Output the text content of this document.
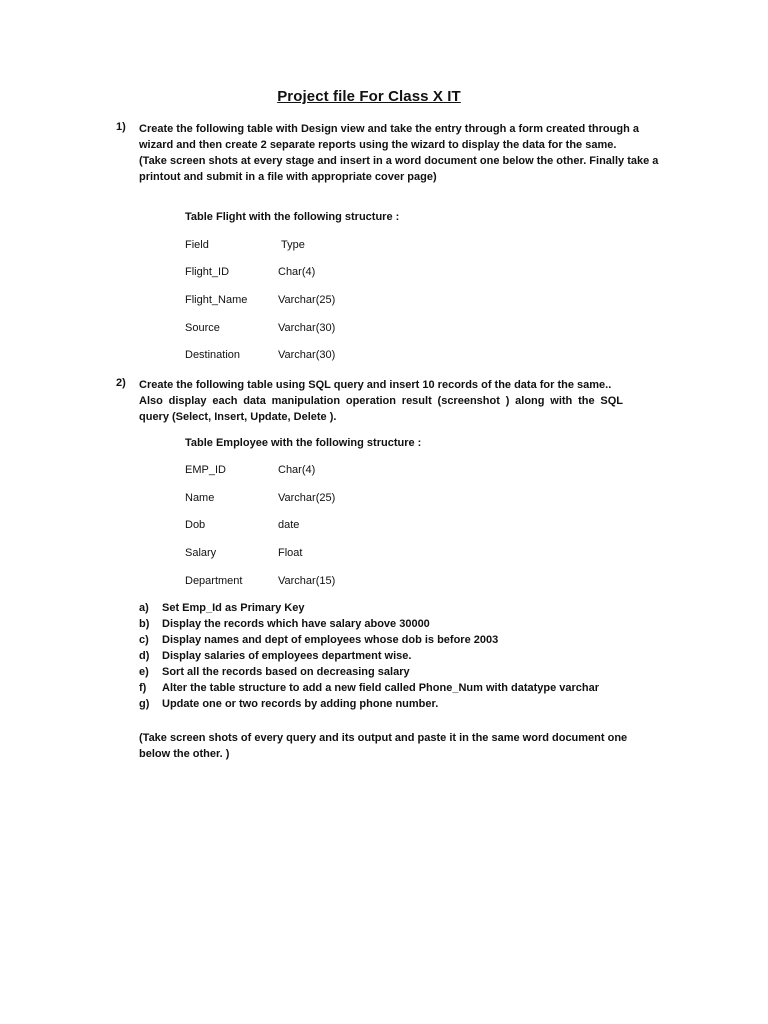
Project file For Class X IT
1) Create the following table with Design view and take the entry through a form created through a
wizard and then create 2 separate reports using the wizard to display the data for the same.
(Take screen shots at every stage and insert in a word document one below the other. Finally take a
printout and submit in a file with appropriate cover page)
Table Flight with the following structure :
Field	Type
Flight_ID	Char(4)
Flight_Name	Varchar(25)
Source	Varchar(30)
Destination	Varchar(30)
2) Create the following table using SQL query and insert 10 records of the data for the same..
Also display each data manipulation operation result (screenshot ) along with the SQL
query (Select, Insert, Update, Delete ).
Table Employee with the following structure :
EMP_ID	Char(4)
Name	Varchar(25)
Dob	date
Salary	Float
Department	Varchar(15)
a) Set Emp_Id as Primary Key
b) Display the records which have salary above 30000
c) Display names and dept of employees whose dob is before 2003
d) Display salaries of employees department wise.
e) Sort all the records based on decreasing salary
f) Alter the table structure to add a new field called Phone_Num with datatype varchar
g) Update one or two records by adding phone number.
(Take screen shots of every query and its output and paste it in the same word document one
below the other. )
